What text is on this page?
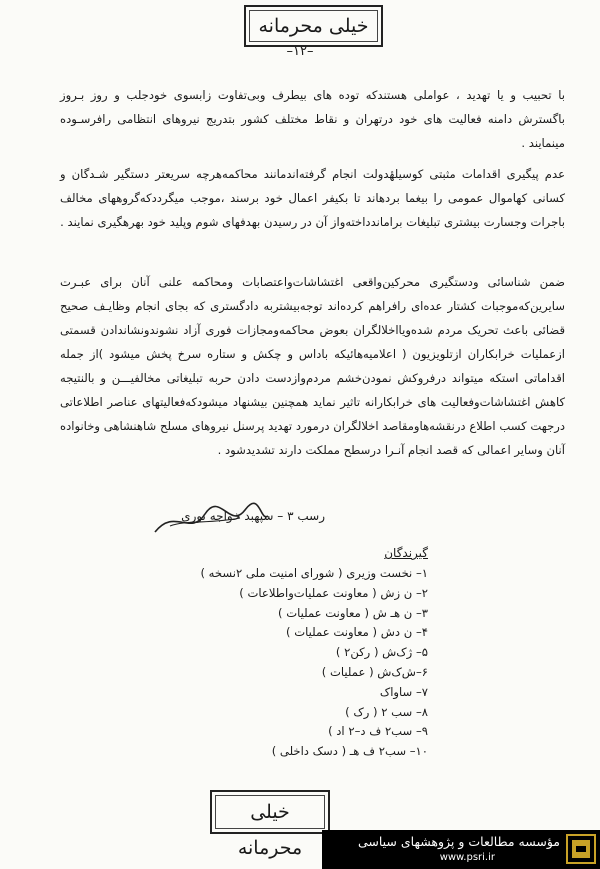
خیلی محرمانه
–۱۲–

با تحبیب و یا تهدید ، عواملی هستندکه توده های بیطرف وبی‌تفاوت زابسوی خودجلب و روز بـروز باگسترش دامنه فعالیت های خود درتهران و نقاط مختلف کشور بتدریج نیروهای انتظامی رافرسـوده مینمایند .

عدم پیگیری اقدامات مثبتی کوسیلهٔدولت انجام گرفته‌اندمانند محاکمه‌هرچه سریعتر دستگیر شـدگان و کسانی کهاموال عمومی را بیغما بردهاند تا بکیفر اعمال خود برسند ،موجب میگردد‌که‌گروههای مخالف باجرات وجسارت بیشتری تبلیغات براماندداخته‌واز آن در رسیدن بهدفهای شوم وپلید خود بهرهگیری نمایند .

ضمن شناسائی ودستگیری محرکین‌واقعی اغتشاشات‌واعتصابات ومحاکمه علنی آنان برای عبـرت سایرین‌که‌موجبات کشتار عده‌ای رافراهم کرده‌اند توجه‌بیشتربه دادگستری که بجای انجام وظایـف صحیح قضائی باعث تحریک مردم شده‌ویااخلالگران بعوض محاکمه‌ومجازات فوری آزاد نشوندونشاندادن قسمتی ازعملیات خرابکاران ازتلویزیون ( اعلامیه‌هائیکه باداس و چکش و ستاره سرخ پخش میشود )از جمله اقداماتی استکه میتواند درفروکش نمودن‌خشم مردم‌وازدست دادن حربه تبلیغاتی مخالفیـــن و بالنتیجه کاهش اغتشاشات‌وفعالیت های خرابکارانه تا‌ثیر نماید همچنین بیشنهاد میشودکه‌فعالیتهای عناصر اطلاعاتی درجهت کسب اطلاع درنقشه‌ها‌ومقاصد اخلالگران درمورد تهدید پرسنل نیروهای مسلح شاهنشاهی وخانواده آنان وسایر اعمالی که قصد انجام آنـرا درسطح مملکت دارند تشدیدشود .

رسب ۳ – سپهبد خواجه نوری
گیرندگان
۱– نخست وزیری ( شورای امنیت ملی ۲نسخه )
۲– ن زش ( معاونت عملیات‌واطلاعات )
۳– ن هـ ش ( معاونت عملیات )
۴– ن دش ( معاونت عملیات )
۵– ژک‌ش ( رکن۲ )
۶–ش‌ک‌ش ( عملیات )
۷– ساواک
۸– سب ۲ ( رک )
۹– سب۲ ف د–۲ اد )
۱۰– سب۲ ف هـ ( دسک داخلی )
خیلی محرمانه	مؤسسه مطالعات و پژوهشهای سیاسی
www.psri.ir
